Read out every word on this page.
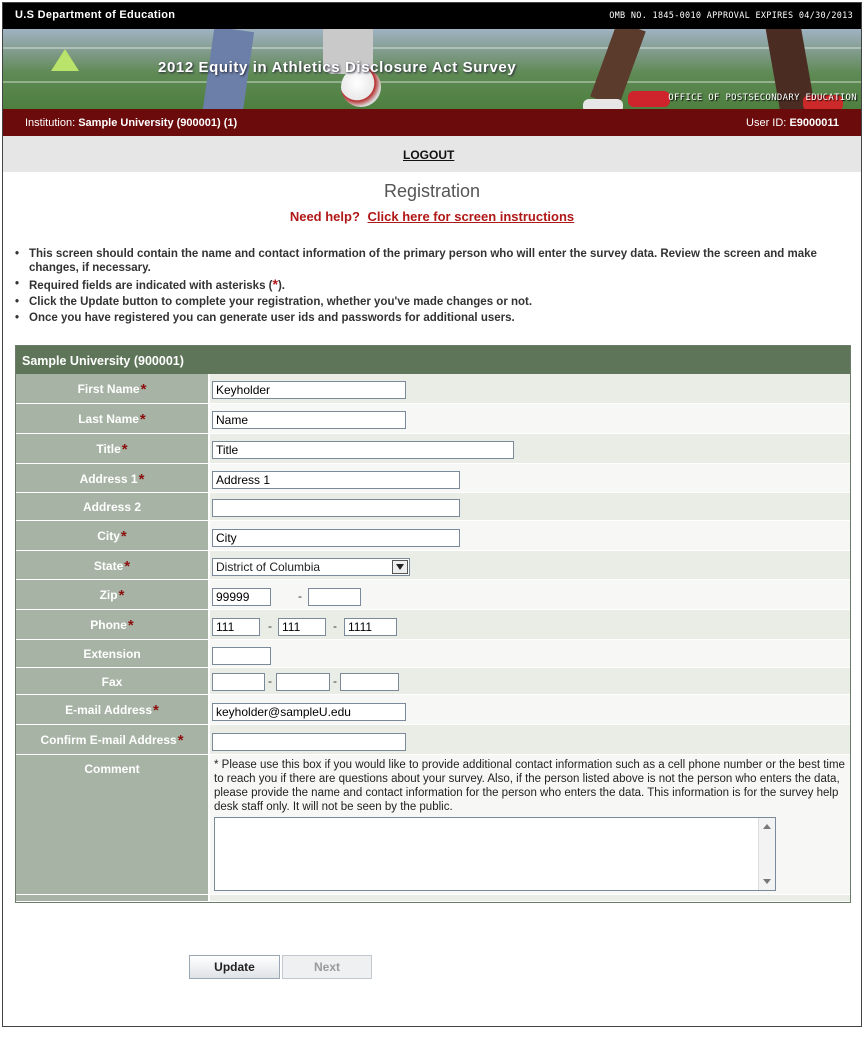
U.S Department of Education	OMB NO. 1845-0010 APPROVAL EXPIRES 04/30/2013
2012 Equity in Athletics Disclosure Act Survey
OFFICE OF POSTSECONDARY EDUCATION
Institution: Sample University (900001) (1)	User ID: E9000011
LOGOUT
Registration
Need help? Click here for screen instructions
• This screen should contain the name and contact information of the primary person who will enter the survey data. Review the screen and make changes, if necessary.
• Required fields are indicated with asterisks (*).
• Click the Update button to complete your registration, whether you've made changes or not.
• Once you have registered you can generate user ids and passwords for additional users.
Sample University (900001)
First Name*	Keyholder
Last Name*	Name
Title*	Title
Address 1*	Address 1
Address 2
City*	City
State*	District of Columbia
Zip*	99999	-
Phone*	111	- 111	- 1111
Extension
Fax	-	-
E-mail Address*	keyholder@sampleU.edu
Confirm E-mail Address*
Comment	* Please use this box if you would like to provide additional contact information such as a cell phone number or the best time to reach you if there are questions about your survey. Also, if the person listed above is not the person who enters the data, please provide the name and contact information for the person who enters the data. This information is for the survey help desk staff only. It will not be seen by the public.
Update	Next
